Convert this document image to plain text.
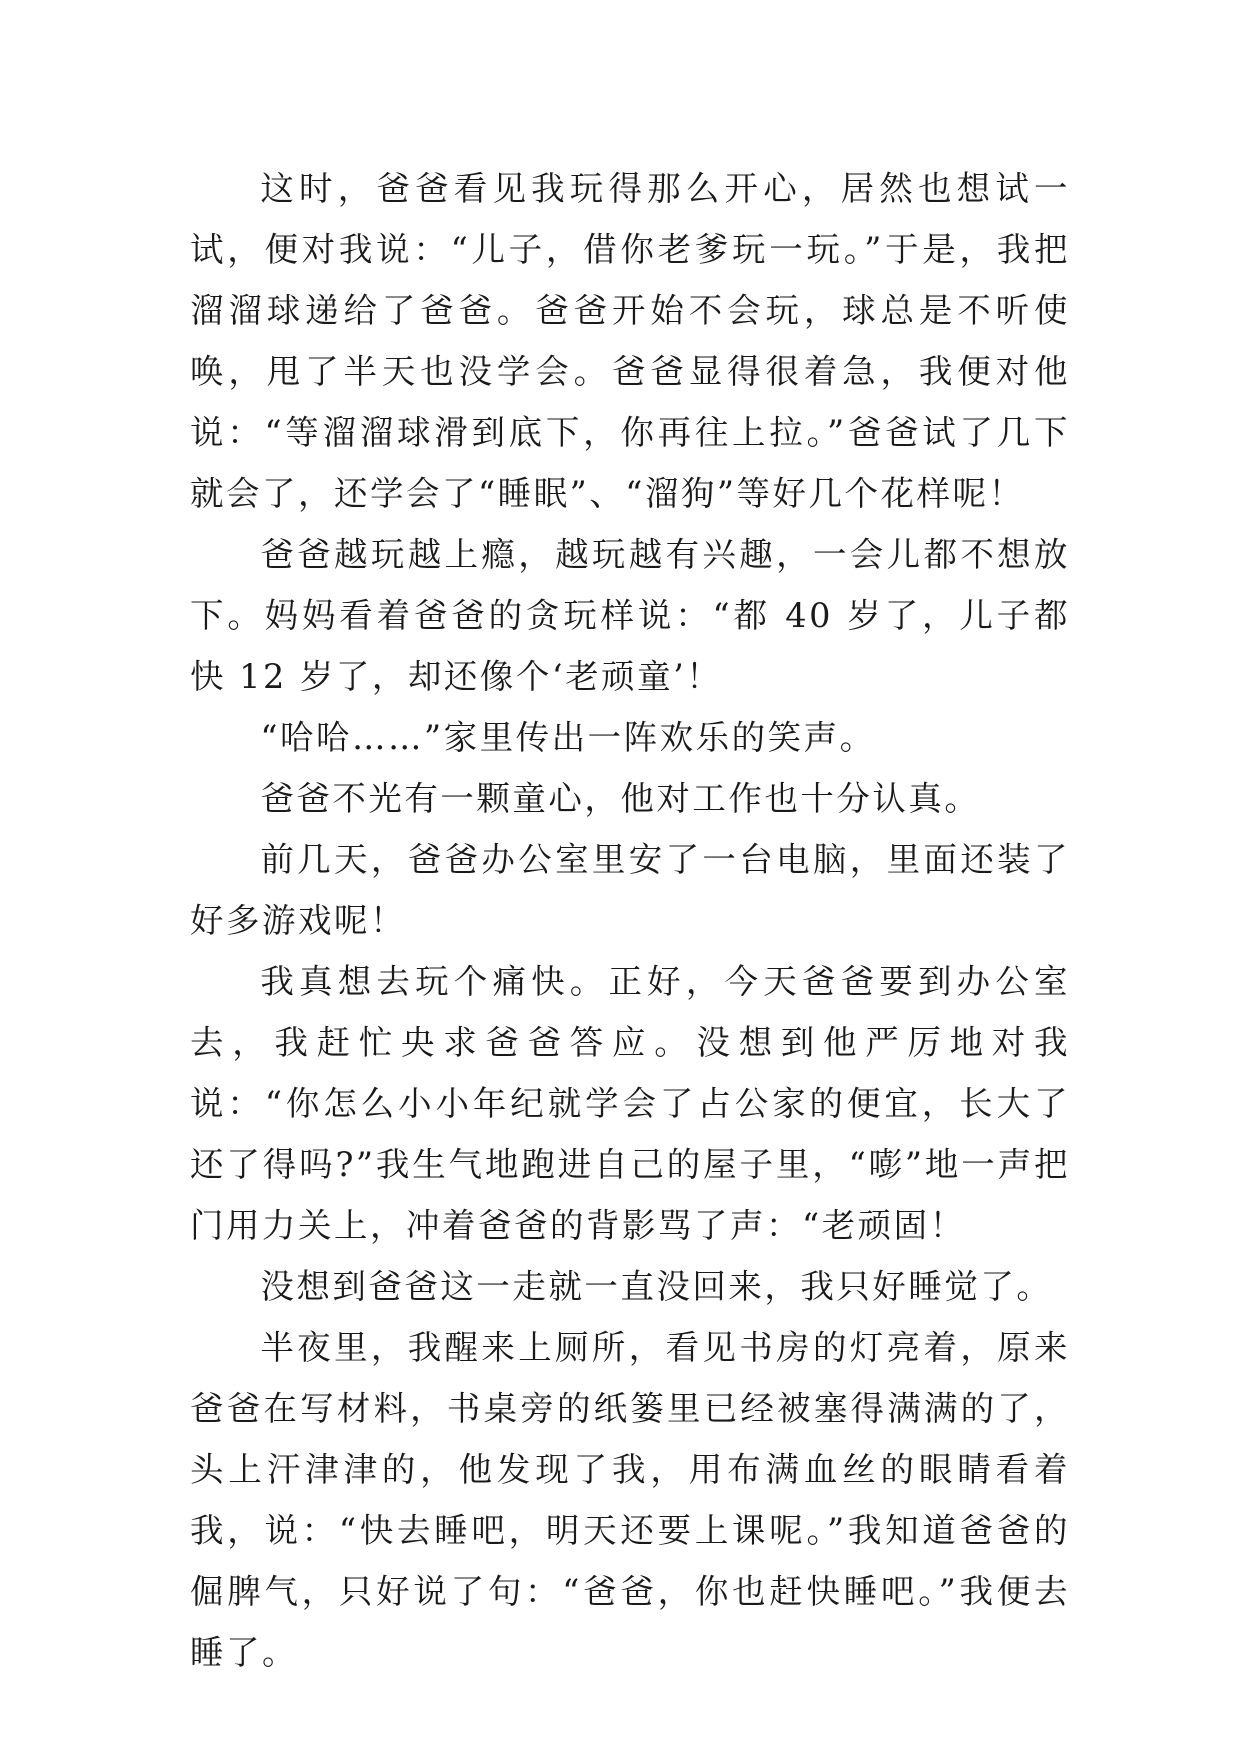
这时，爸爸看见我玩得那么开心，居然也想试一试，便对我说：“儿子，借你老爹玩一玩。”于是，我把溜溜球递给了爸爸。爸爸开始不会玩，球总是不听使唤，甩了半天也没学会。爸爸显得很着急，我便对他说：“等溜溜球滑到底下，你再往上拉。”爸爸试了几下就会了，还学会了“睡眠”、“溜狗”等好几个花样呢！

爸爸越玩越上瘾，越玩越有兴趣，一会儿都不想放下。妈妈看着爸爸的贪玩样说：“都 40 岁了，儿子都快 12 岁了，却还像个‘老顽童’！

“哈哈……”家里传出一阵欢乐的笑声。

爸爸不光有一颗童心，他对工作也十分认真。

前几天，爸爸办公室里安了一台电脑，里面还装了好多游戏呢！

我真想去玩个痛快。正好，今天爸爸要到办公室去，我赶忙央求爸爸答应。没想到他严厉地对我说：“你怎么小小年纪就学会了占公家的便宜，长大了还了得吗?”我生气地跑进自己的屋子里，“嘭”地一声把门用力关上，冲着爸爸的背影骂了声：“老顽固！

没想到爸爸这一走就一直没回来，我只好睡觉了。

半夜里，我醒来上厕所，看见书房的灯亮着，原来爸爸在写材料，书桌旁的纸篓里已经被塞得满满的了，头上汗津津的，他发现了我，用布满血丝的眼睛看着我，说：“快去睡吧，明天还要上课呢。”我知道爸爸的倔脾气，只好说了句：“爸爸，你也赶快睡吧。”我便去睡了。
